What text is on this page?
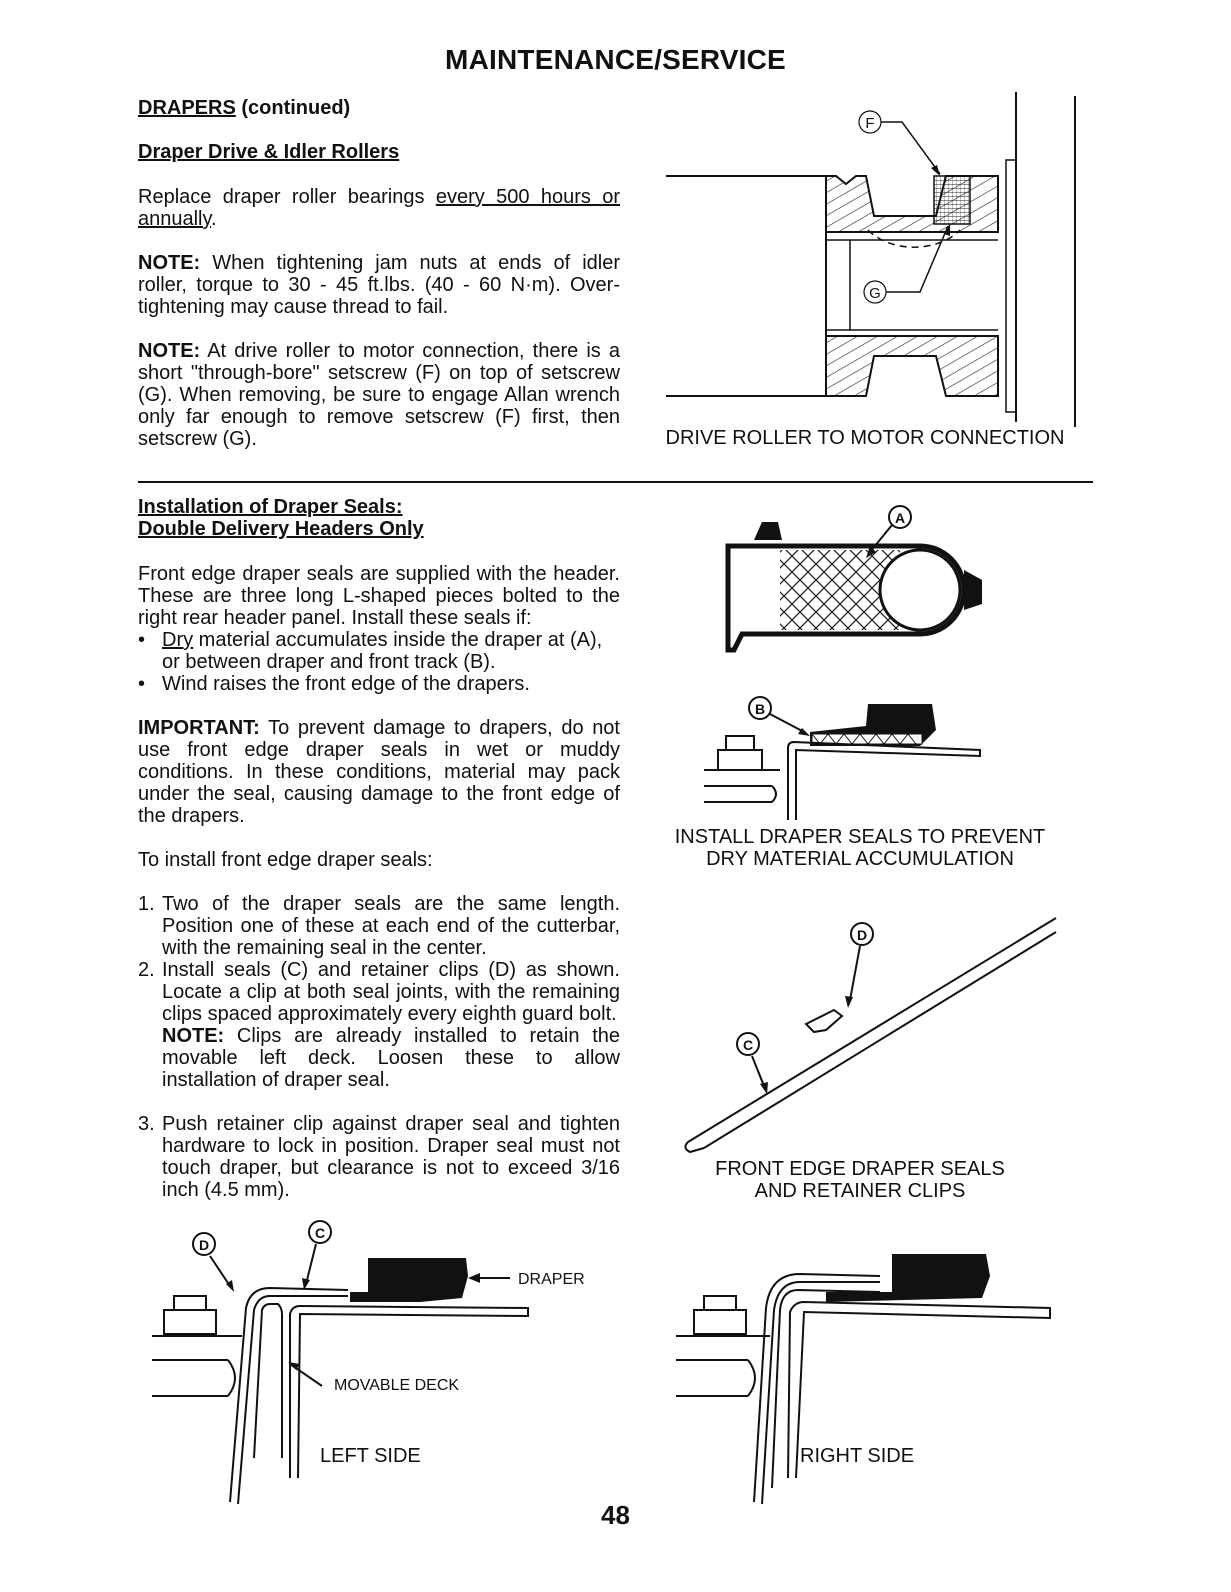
MAINTENANCE/SERVICE
DRAPERS (continued)
Draper Drive & Idler Rollers
Replace draper roller bearings every 500 hours or annually.
NOTE: When tightening jam nuts at ends of idler roller, torque to 30 - 45 ft.lbs. (40 - 60 N·m). Over-tightening may cause thread to fail.
NOTE: At drive roller to motor connection, there is a short "through-bore" setscrew (F) on top of setscrew (G). When removing, be sure to engage Allan wrench only far enough to remove setscrew (F) first, then setscrew (G).
F
G
DRIVE ROLLER TO MOTOR CONNECTION
Installation of Draper Seals:
Double Delivery Headers Only
Front edge draper seals are supplied with the header. These are three long L-shaped pieces bolted to the right rear header panel. Install these seals if:
• Dry material accumulates inside the draper at (A), or between draper and front track (B).
• Wind raises the front edge of the drapers.
IMPORTANT: To prevent damage to drapers, do not use front edge draper seals in wet or muddy conditions. In these conditions, material may pack under the seal, causing damage to the front edge of the drapers.
To install front edge draper seals:
1. Two of the draper seals are the same length. Position one of these at each end of the cutterbar, with the remaining seal in the center.
2. Install seals (C) and retainer clips (D) as shown. Locate a clip at both seal joints, with the remaining clips spaced approximately every eighth guard bolt.
NOTE: Clips are already installed to retain the movable left deck. Loosen these to allow installation of draper seal.
3. Push retainer clip against draper seal and tighten hardware to lock in position. Draper seal must not touch draper, but clearance is not to exceed 3/16 inch (4.5 mm).
A
B
INSTALL DRAPER SEALS TO PREVENT
DRY MATERIAL ACCUMULATION
D
C
FRONT EDGE DRAPER SEALS
AND RETAINER CLIPS
D
C
DRAPER
MOVABLE DECK
LEFT SIDE	RIGHT SIDE
48
